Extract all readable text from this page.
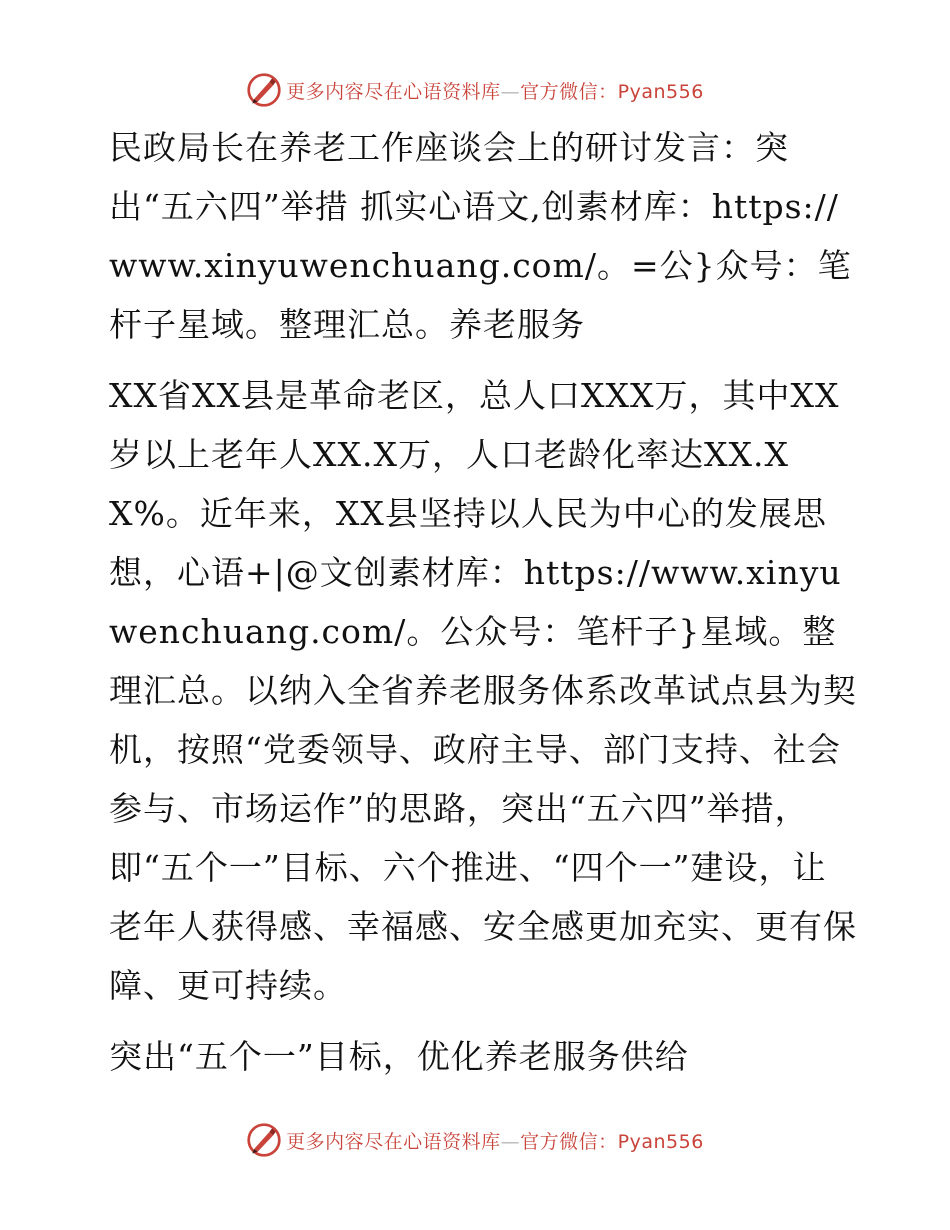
更多内容尽在心语资料库—官方微信：Pyan556

民政局长在养老工作座谈会上的研讨发言：突出“五六四”举措 抓实心语文,创素材库：https://www.xinyuwenchuang.com/。=公}众号：笔杆子星域。整理汇总。养老服务

XX省XX县是革命老区，总人口XXX万，其中XX岁以上老年人XX.X万，人口老龄化率达XX.XX%。近年来，XX县坚持以人民为中心的发展思想，心语+|@文创素材库：https://www.xinyuwenchuang.com/。公众号：笔杆子}星域。整理汇总。以纳入全省养老服务体系改革试点县为契机，按照“党委领导、政府主导、部门支持、社会参与、市场运作”的思路，突出“五六四”举措，即“五个一”目标、六个推进、“四个一”建设，让老年人获得感、幸福感、安全感更加充实、更有保障、更可持续。

突出“五个一”目标，优化养老服务供给

更多内容尽在心语资料库—官方微信：Pyan556
